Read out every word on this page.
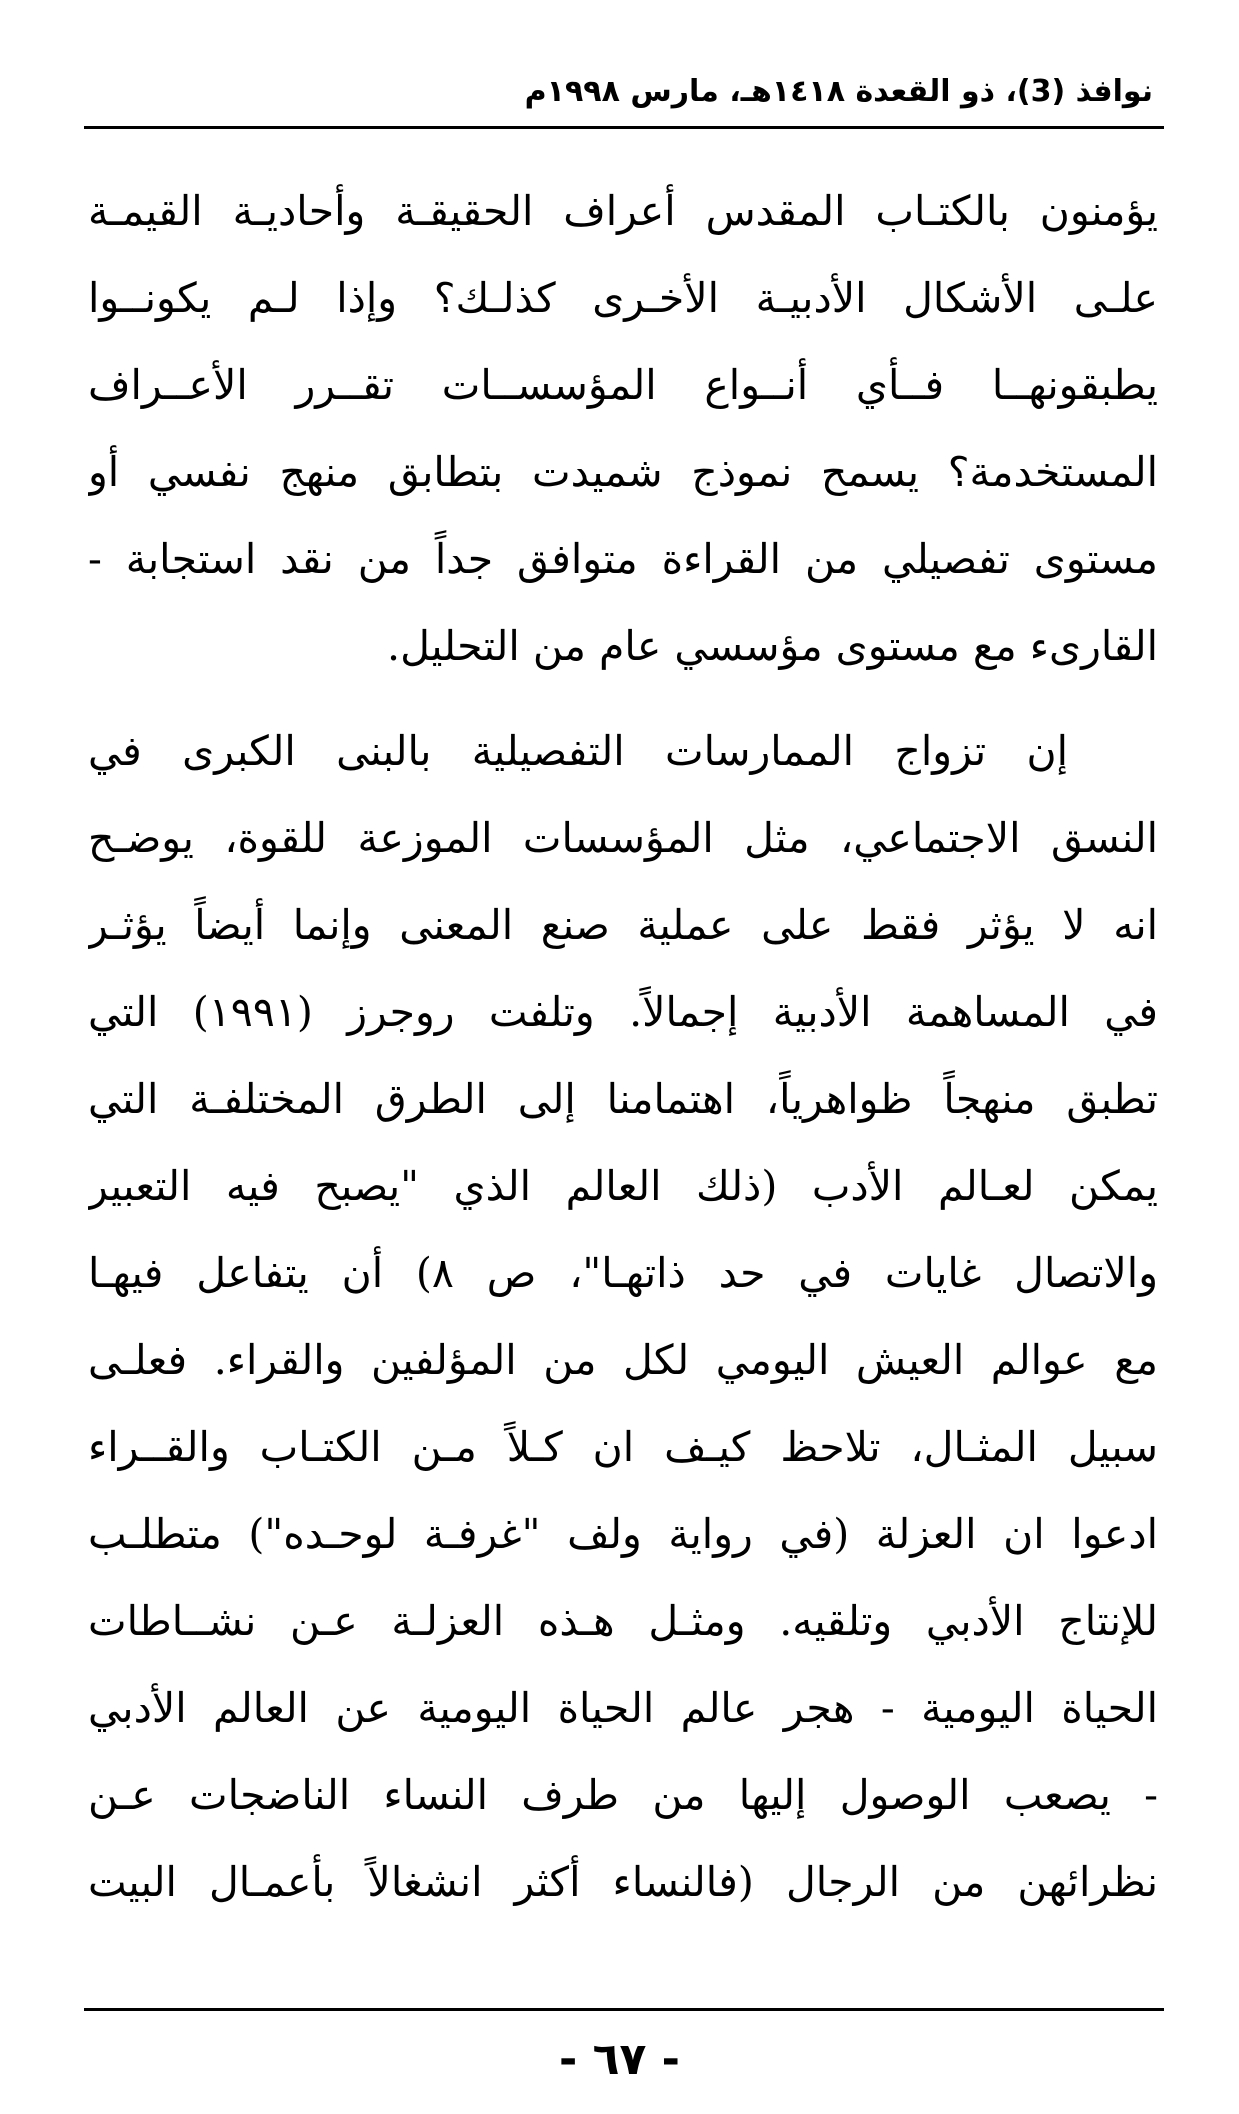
نوافذ (3)، ذو القعدة ١٤١٨هـ، مارس ١٩٩٨م
يؤمنون بالكتـاب المقدس أعراف الحقيقـة وأحاديـة القيمـة
علـى الأشكال الأدبيـة الأخـرى كذلـك؟ وإذا لـم يكونــوا
يطبقونهــا فــأي أنــواع المؤسســات تقــرر الأعــراف
المستخدمة؟ يسمح نموذج شميدت بتطابق منهج نفسي أو
مستوى تفصيلي من القراءة متوافق جداً من نقد استجابة -
القارىء مع مستوى مؤسسي عام من التحليل.
إن تزواج الممارسات التفصيلية بالبنى الكبرى في
النسق الاجتماعي، مثل المؤسسات الموزعة للقوة، يوضـح
انه لا يؤثر فقط على عملية صنع المعنى وإنما أيضاً يؤثـر
في المساهمة الأدبية إجمالاً. وتلفت روجرز (١٩٩١) التي
تطبق منهجاً ظواهرياً، اهتمامنا إلى الطرق المختلفـة التي
يمكن لعـالم الأدب (ذلك العالم الذي "يصبح فيه التعبير
والاتصال غايات في حد ذاتهـا"، ص ٨) أن يتفاعل فيهـا
مع عوالم العيش اليومي لكل من المؤلفين والقراء. فعلـى
سبيل المثـال، تلاحظ كيـف ان كـلاً مـن الكتـاب والقــراء
ادعوا ان العزلة (في رواية ولف "غرفـة لوحـده") متطلـب
للإنتاج الأدبي وتلقيه. ومثـل هـذه العزلـة عـن نشــاطات
الحياة اليومية - هجر عالم الحياة اليومية عن العالم الأدبي
- يصعب الوصول إليها من طرف النساء الناضجات عـن
نظرائهن من الرجال (فالنساء أكثر انشغالاً بأعمـال البيت
- ٦٧ -
